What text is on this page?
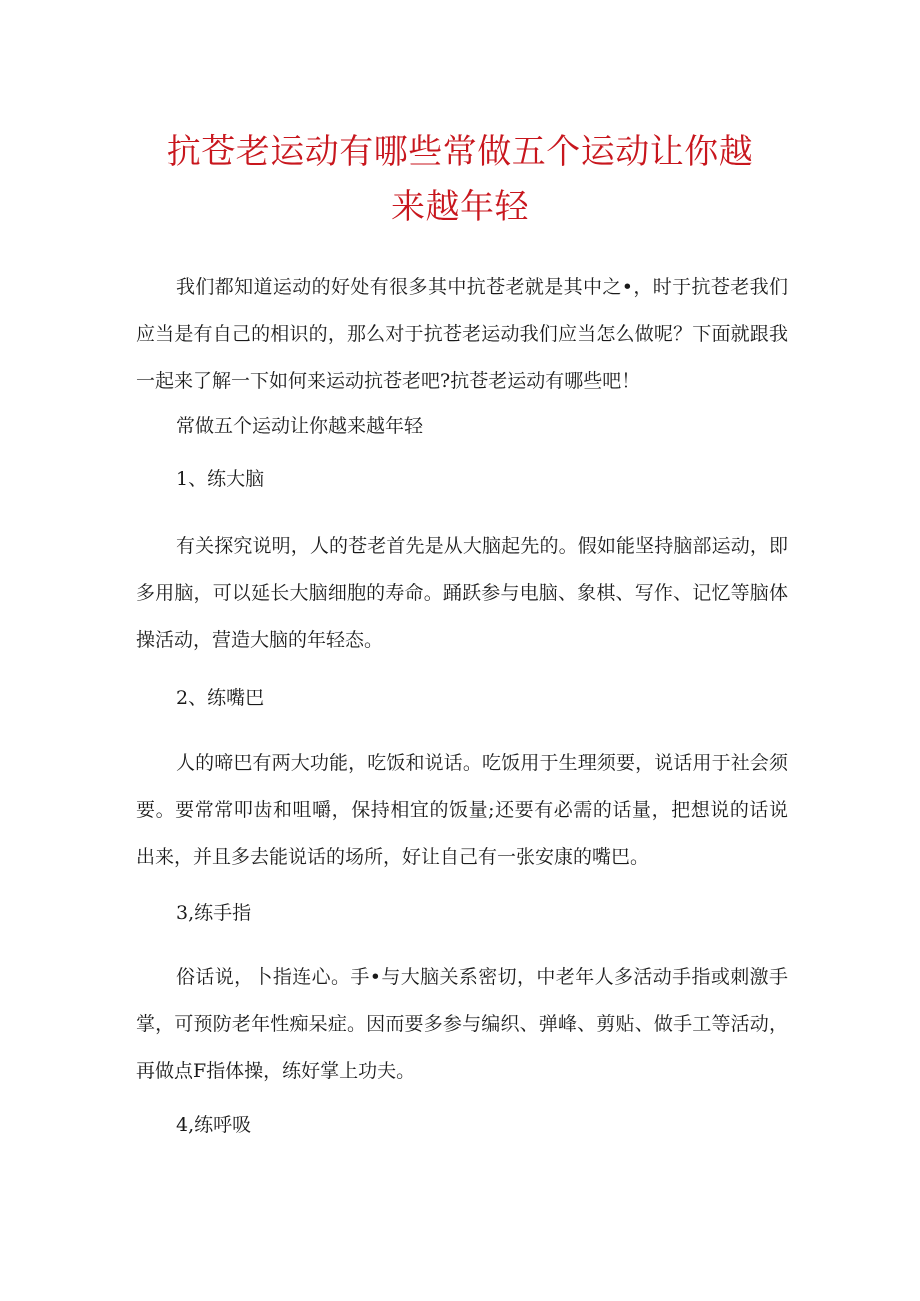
抗苍老运动有哪些常做五个运动让你越来越年轻

我们都知道运动的好处有很多其中抗苍老就是其中之•，时于抗苍老我们应当是有自己的相识的，那么对于抗苍老运动我们应当怎么做呢？下面就跟我一起来了解一下如何来运动抗苍老吧?抗苍老运动有哪些吧！

常做五个运动让你越来越年轻
1、练大脑

有关探究说明，人的苍老首先是从大脑起先的。假如能坚持脑部运动，即多用脑，可以延长大脑细胞的寿命。踊跃参与电脑、象棋、写作、记忆等脑体操活动，营造大脑的年轻态。

2、练嘴巴

人的啼巴有两大功能，吃饭和说话。吃饭用于生理须要，说话用于社会须要。要常常叩齿和咀嚼，保持相宜的饭量;还要有必需的话量，把想说的话说出来，并且多去能说话的场所，好让自己有一张安康的嘴巴。

3,练手指

俗话说，卜指连心。手•与大脑关系密切，中老年人多活动手指或刺激手掌，可预防老年性痴呆症。因而要多参与编织、弹峰、剪贴、做手工等活动，再做点F指体操，练好掌上功夫。

4,练呼吸
